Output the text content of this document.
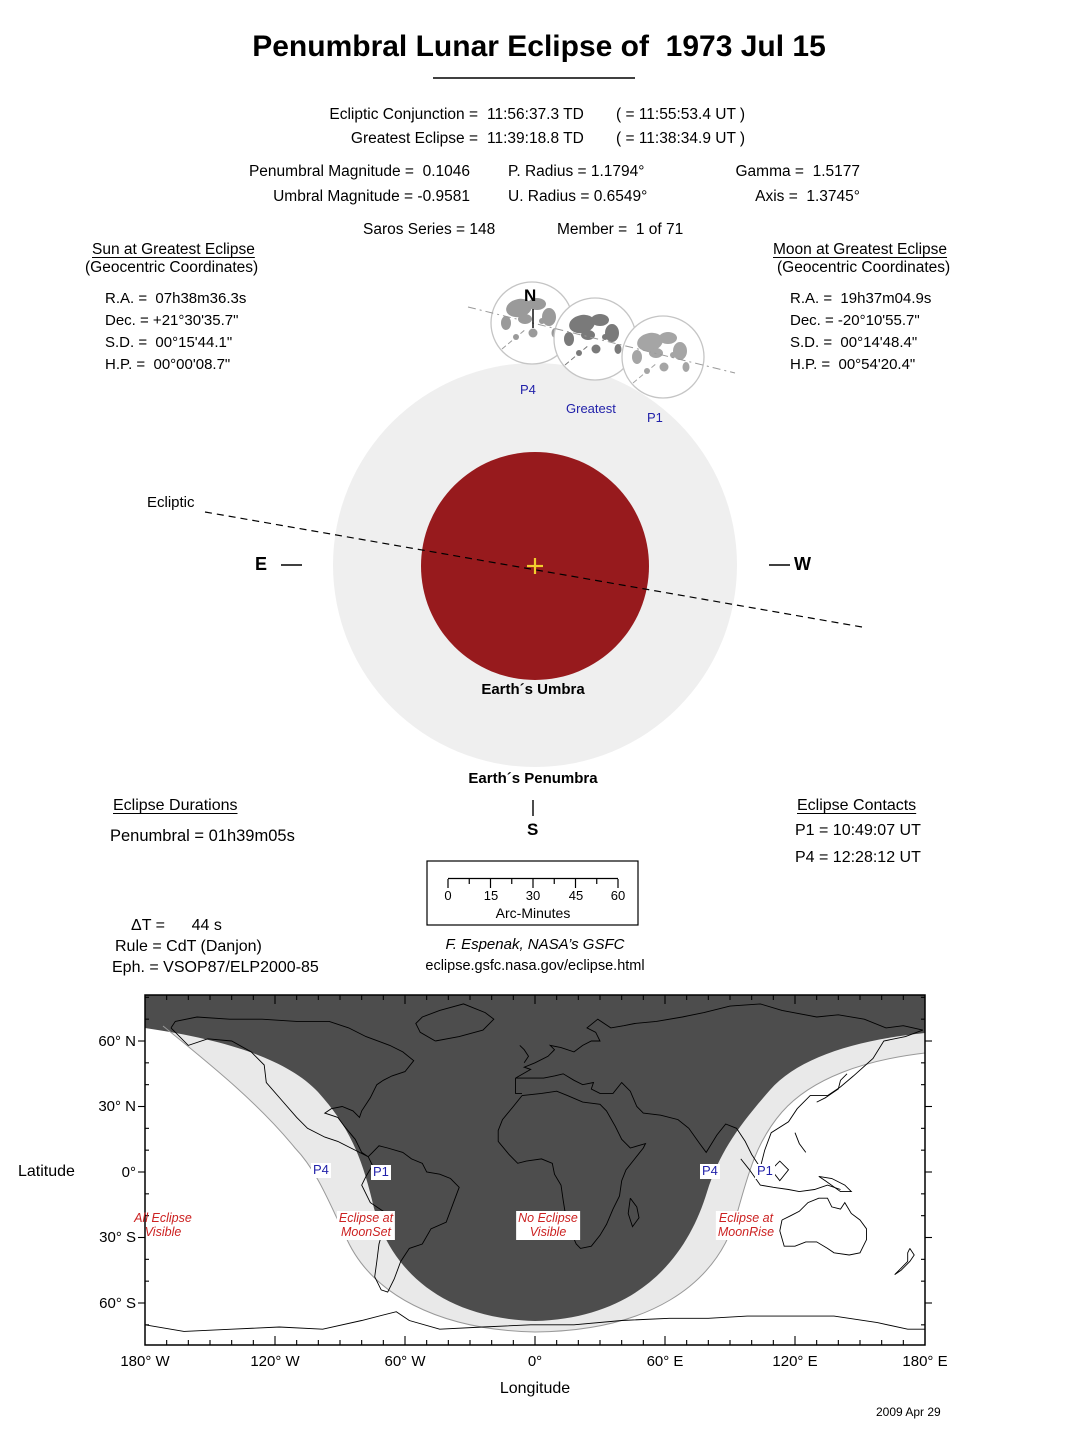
Penumbral Lunar Eclipse of  1973 Jul 15
Ecliptic Conjunction = 11:56:37.3 TD ( = 11:55:53.4 UT )
Greatest Eclipse = 11:39:18.8 TD ( = 11:38:34.9 UT )
Penumbral Magnitude =  0.1046 P. Radius = 1.1794°	Gamma =  1.5177
Umbral Magnitude = -0.9581 U. Radius = 0.6549°	Axis =  1.3745°
Saros Series = 148	Member =  1 of 71
Sun at Greatest Eclipse
(Geocentric Coordinates)
R.A. =  07h38m36.3s
Dec. = +21°30'35.7"
S.D. =  00°15'44.1"
H.P. =  00°00'08.7"
Moon at Greatest Eclipse
(Geocentric Coordinates)
R.A. =  19h37m04.9s
Dec. = -20°10'55.7"
S.D. =  00°14'48.4"
H.P. =  00°54'20.4"
N
S
E	W
Ecliptic
P4
Greatest
P1
Earth´s Umbra
Earth´s Penumbra
Eclipse Durations
Penumbral = 01h39m05s
Eclipse Contacts
P1 = 10:49:07 UT
P4 = 12:28:12 UT
0 15 30 45 60
Arc-Minutes
ΔT =      44 s
Rule = CdT (Danjon)
Eph. = VSOP87/ELP2000-85
F. Espenak, NASA’s GSFC
eclipse.gsfc.nasa.gov/eclipse.html
Latitude
60° N
30° N
0°
30° S
60° S
180° W	120° W	60° W	0°	60° E	120° E	180° E
Longitude
All Eclipse
Visible
Eclipse at
MoonSet
No Eclipse
Visible
Eclipse at
MoonRise
P4	P1	P4	P1
2009 Apr 29
